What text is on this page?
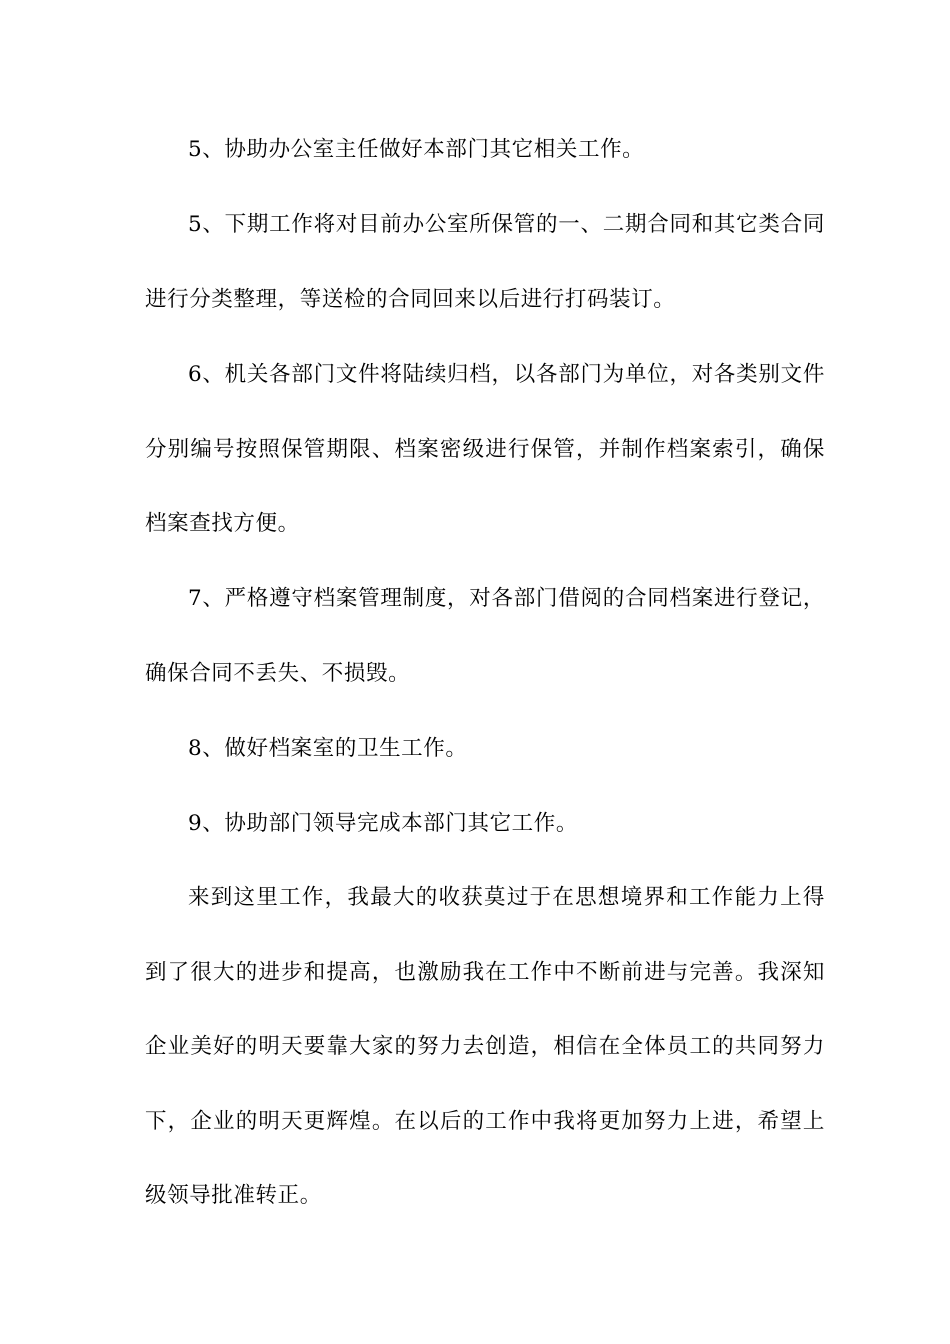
5、协助办公室主任做好本部门其它相关工作。

5、下期工作将对目前办公室所保管的一、二期合同和其它类合同进行分类整理，等送检的合同回来以后进行打码装订。

6、机关各部门文件将陆续归档，以各部门为单位，对各类别文件分别编号按照保管期限、档案密级进行保管，并制作档案索引，确保档案查找方便。

7、严格遵守档案管理制度，对各部门借阅的合同档案进行登记，确保合同不丢失、不损毁。

8、做好档案室的卫生工作。

9、协助部门领导完成本部门其它工作。

来到这里工作，我最大的收获莫过于在思想境界和工作能力上得到了很大的进步和提高，也激励我在工作中不断前进与完善。我深知企业美好的明天要靠大家的努力去创造，相信在全体员工的共同努力下，企业的明天更辉煌。在以后的工作中我将更加努力上进，希望上级领导批准转正。
